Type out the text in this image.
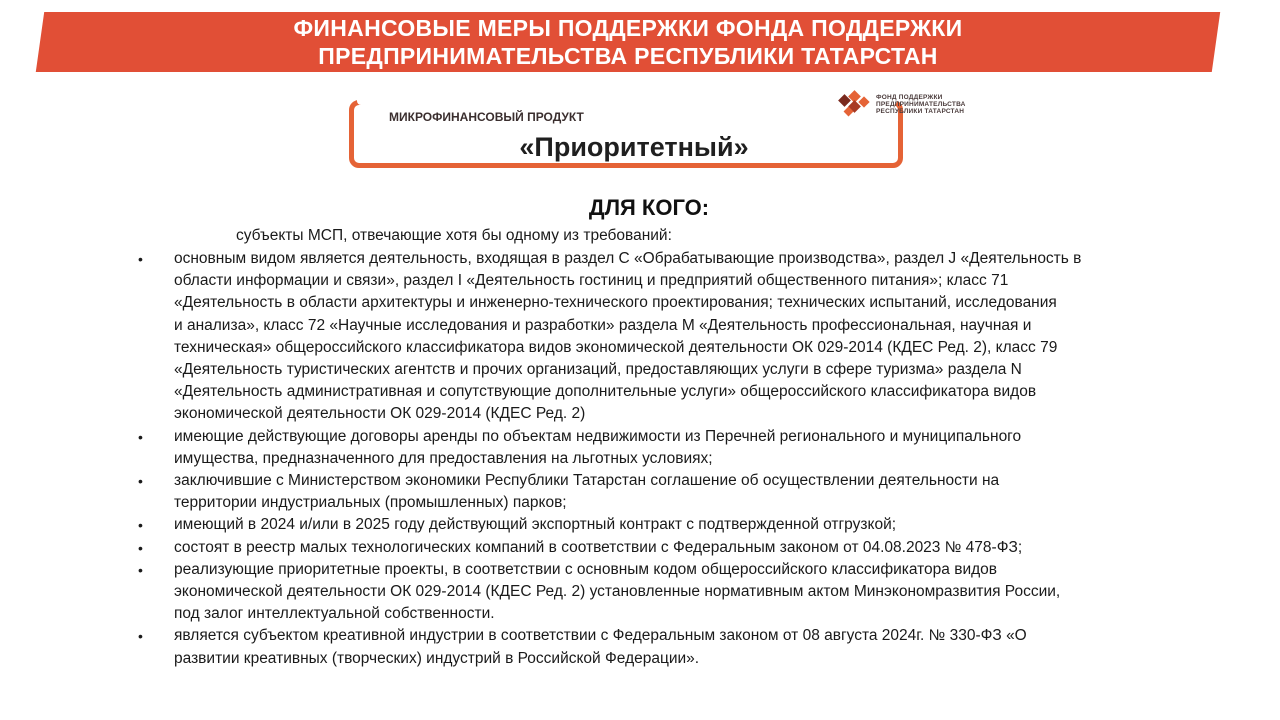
ФИНАНСОВЫЕ МЕРЫ ПОДДЕРЖКИ ФОНДА ПОДДЕРЖКИ
ПРЕДПРИНИМАТЕЛЬСТВА РЕСПУБЛИКИ ТАТАРСТАН
МИКРОФИНАНСОВЫЙ ПРОДУКТ
«Приоритетный»
ФОНД ПОДДЕРЖКИ
ПРЕДПРИНИМАТЕЛЬСТВА
РЕСПУБЛИКИ ТАТАРСТАН
ДЛЯ КОГО:
субъекты МСП, отвечающие хотя бы одному из требований:
• основным видом является деятельность, входящая в раздел С «Обрабатывающие производства», раздел J «Деятельность в
области информации и связи», раздел I «Деятельность гостиниц и предприятий общественного питания»; класс 71
«Деятельность в области архитектуры и инженерно-технического проектирования; технических испытаний, исследования
и анализа», класс 72 «Научные исследования и разработки» раздела М «Деятельность профессиональная, научная и
техническая» общероссийского классификатора видов экономической деятельности ОК 029-2014 (КДЕС Ред. 2), класс 79
«Деятельность туристических агентств и прочих организаций, предоставляющих услуги в сфере туризма» раздела N
«Деятельность административная и сопутствующие дополнительные услуги» общероссийского классификатора видов
экономической деятельности ОК 029-2014 (КДЕС Ред. 2)
• имеющие действующие договоры аренды по объектам недвижимости из Перечней регионального и муниципального
имущества, предназначенного для предоставления на льготных условиях;
• заключившие с Министерством экономики Республики Татарстан соглашение об осуществлении деятельности на
территории индустриальных (промышленных) парков;
• имеющий в 2024 и/или в 2025 году действующий экспортный контракт с подтвержденной отгрузкой;
• состоят в реестр малых технологических компаний в соответствии с Федеральным законом от 04.08.2023 № 478-ФЗ;
• реализующие приоритетные проекты, в соответствии с основным кодом общероссийского классификатора видов
экономической деятельности ОК 029-2014 (КДЕС Ред. 2) установленные нормативным актом Минэкономразвития России,
под залог интеллектуальной собственности.
• является субъектом креативной индустрии в соответствии с Федеральным законом от 08 августа 2024г. № 330-ФЗ «О
развитии креативных (творческих) индустрий в Российской Федерации».
